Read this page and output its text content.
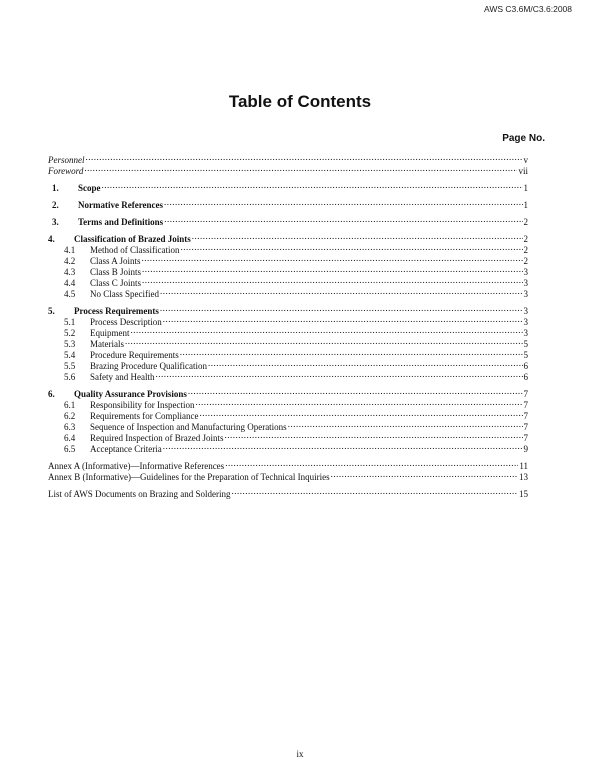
AWS C3.6M/C3.6:2008
Table of Contents
Page No.
Personnel .....	v
Foreword .....	vii
1.	Scope .....	1
2.	Normative References .....	1
3.	Terms and Definitions .....	2
4.	Classification of Brazed Joints .....	2
4.1	Method of Classification .....	2
4.2	Class A Joints .....	2
4.3	Class B Joints .....	3
4.4	Class C Joints .....	3
4.5	No Class Specified .....	3
5.	Process Requirements .....	3
5.1	Process Description .....	3
5.2	Equipment .....	3
5.3	Materials .....	5
5.4	Procedure Requirements .....	5
5.5	Brazing Procedure Qualification .....	6
5.6	Safety and Health .....	6
6.	Quality Assurance Provisions .....	7
6.1	Responsibility for Inspection .....	7
6.2	Requirements for Compliance .....	7
6.3	Sequence of Inspection and Manufacturing Operations .....	7
6.4	Required Inspection of Brazed Joints .....	7
6.5	Acceptance Criteria .....	9
Annex A (Informative)—Informative References .....	11
Annex B (Informative)—Guidelines for the Preparation of Technical Inquiries .....	13
List of AWS Documents on Brazing and Soldering .....	15
ix
